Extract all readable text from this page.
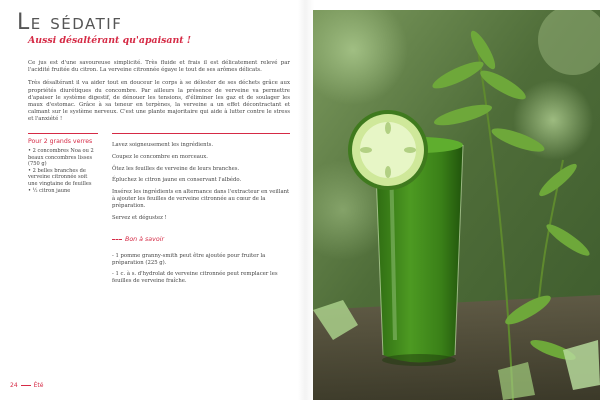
Le sédatif
Aussi désaltérant qu'apaisant !

Ce jus est d'une savoureuse simplicité. Très fluide et frais il est délicatement relevé par l'acidité fruitée du citron. La verveine citronnée égaye le tout de ses arômes délicats.

Très désaltérant il va aider tout en douceur le corps à se délester de ses déchets grâce aux propriétés diurétiques du concombre. Par ailleurs la présence de verveine va permettre d'apaiser le système digestif, de dénouer les tensions, d'éliminer les gaz et de soulager les maux d'estomac. Grâce à sa teneur en terpènes, la verveine a un effet décontractant et calmant sur le système nerveux. C'est une plante majoritaire qui aide à lutter contre le stress et l'anxiété !

Pour 2 grands verres
• 2 concombres Noa ou 2 beaux concombres lisses (750 g)
• 2 belles branches de verveine citronnée soit une vingtaine de feuilles
• ½ citron jaune
Lavez soigneusement les ingrédients.
Coupez le concombre en morceaux.
Ôtez les feuilles de verveine de leurs branches.
Épluchez le citron jaune en conservant l'albédo.
Insérez les ingrédients en alternance dans l'extracteur en veillant à ajouter les feuilles de verveine citronnée au cœur de la préparation.
Servez et dégustez !
Bon à savoir
- 1 pomme granny-smith peut être ajoutée pour fruiter la préparation (225 g).
- 1 c. à s. d'hydrolat de verveine citronnée peut remplacer les feuilles de verveine fraîche.
24	Été
